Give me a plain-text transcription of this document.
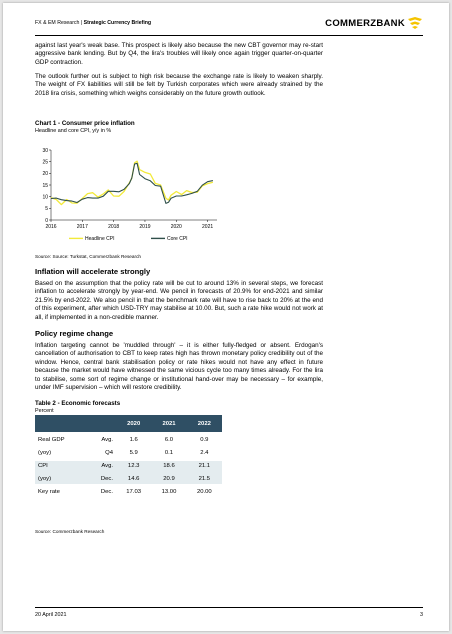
FX & EM Research | Strategic Currency Briefing	COMMERZBANK
against last year's weak base. This prospect is likely also because the new CBT governor may re-start aggressive bank lending. But by Q4, the lira's troubles will likely once again trigger quarter-on-quarter GDP contraction.
The outlook further out is subject to high risk because the exchange rate is likely to weaken sharply. The weight of FX liabilities will still be felt by Turkish corporates which were already strained by the 2018 lira crisis, something which weighs considerably on the future growth outlook.
Chart 1 - Consumer price inflation
Headline and core CPI, y/y in %
0
5
10
15
20
25
30
2016	2017	2018	2019	2020	2021
Headline CPI	Core CPI
Source: Source: Turkstat, Commerzbank Research
Inflation will accelerate strongly
Based on the assumption that the policy rate will be cut to around 13% in several steps, we forecast inflation to accelerate strongly by year-end. We pencil in forecasts of 20.9% for end-2021 and similar 21.5% by end-2022. We also pencil in that the benchmark rate will have to rise back to 20% at the end of this experiment, after which USD-TRY may stabilise at 10.00. But, such a rate hike would not work at all, if implemented in a non-credible manner.
Policy regime change
Inflation targeting cannot be 'muddled through' – it is either fully-fledged or absent. Erdogan's cancellation of authorisation to CBT to keep rates high has thrown monetary policy credibility out of the window. Hence, central bank stabilisation policy or rate hikes would not have any effect in future because the market would have witnessed the same vicious cycle too many times already. For the lira to stabilise, some sort of regime change or institutional hand-over may be necessary – for example, under IMF supervision – which will restore credibility.
Table 2 - Economic forecasts
Percent
		2020	2021	2022

Real GDP	Avg.	1.6	6.0	0.9

(yoy)	Q4	5.9	0.1	2.4

CPI	Avg.	12.3	18.6	21.1

(yoy)	Dec.	14.6	20.9	21.5

Key rate	Dec.	17.03	13.00	20.00
Source: Commerzbank Research
20 April 2021	3
